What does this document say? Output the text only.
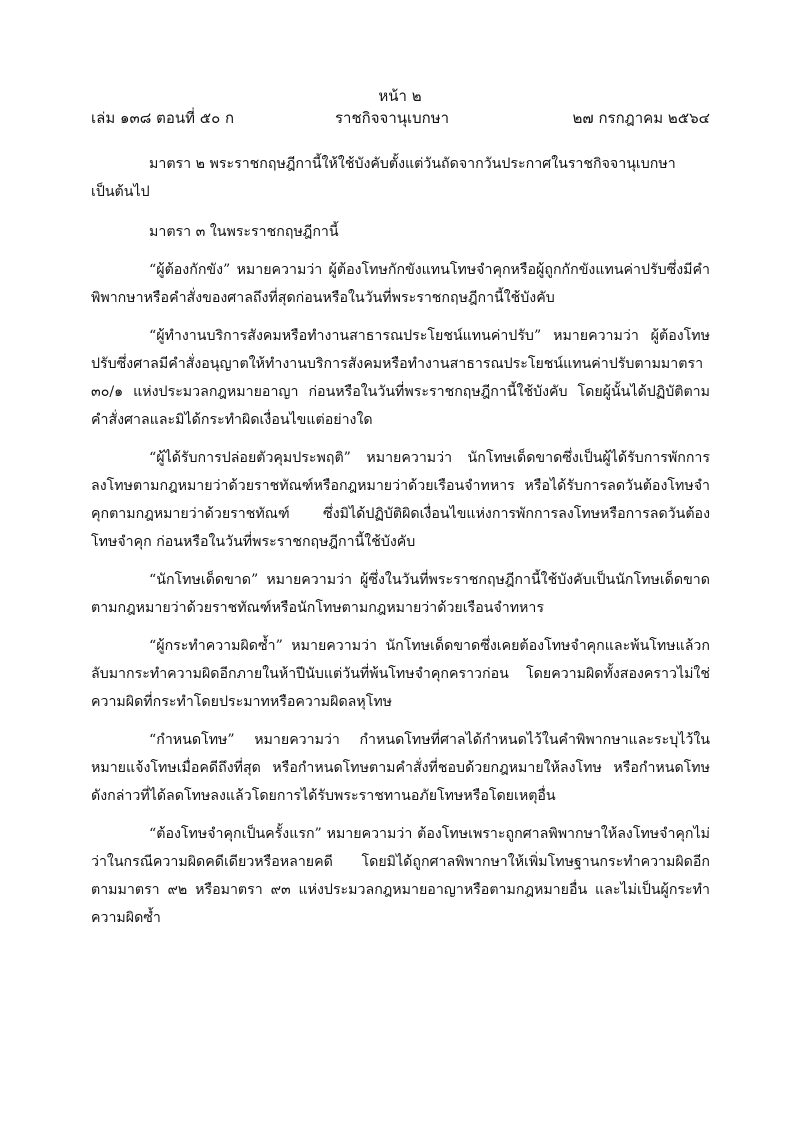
หน้า ๒
เล่ม ๑๓๘ ตอนที่ ๕๐ ก	ราชกิจจานุเบกษา	๒๗ กรกฎาคม ๒๕๖๔

มาตรา ๒ พระราชกฤษฎีกานี้ให้ใช้บังคับตั้งแต่วันถัดจากวันประกาศในราชกิจจานุเบกษา

เป็นต้นไป

มาตรา ๓ ในพระราชกฤษฎีกานี้

“ผู้ต้องกักขัง” หมายความว่า ผู้ต้องโทษกักขังแทนโทษจำคุกหรือผู้ถูกกักขังแทนค่าปรับซึ่งมีคำพิพากษาหรือคำสั่งของศาลถึงที่สุดก่อนหรือในวันที่พระราชกฤษฎีกานี้ใช้บังคับ

“ผู้ทำงานบริการสังคมหรือทำงานสาธารณประโยชน์แทนค่าปรับ” หมายความว่า ผู้ต้องโทษปรับซึ่งศาลมีคำสั่งอนุญาตให้ทำงานบริการสังคมหรือทำงานสาธารณประโยชน์แทนค่าปรับตามมาตรา ๓๐/๑ แห่งประมวลกฎหมายอาญา ก่อนหรือในวันที่พระราชกฤษฎีกานี้ใช้บังคับ โดยผู้นั้นได้ปฏิบัติตามคำสั่งศาลและมิได้กระทำผิดเงื่อนไขแต่อย่างใด

“ผู้ได้รับการปล่อยตัวคุมประพฤติ” หมายความว่า นักโทษเด็ดขาดซึ่งเป็นผู้ได้รับการพักการลงโทษตามกฎหมายว่าด้วยราชทัณฑ์หรือกฎหมายว่าด้วยเรือนจำทหาร หรือได้รับการลดวันต้องโทษจำคุกตามกฎหมายว่าด้วยราชทัณฑ์ ซึ่งมิได้ปฏิบัติผิดเงื่อนไขแห่งการพักการลงโทษหรือการลดวันต้องโทษจำคุก ก่อนหรือในวันที่พระราชกฤษฎีกานี้ใช้บังคับ

“นักโทษเด็ดขาด” หมายความว่า ผู้ซึ่งในวันที่พระราชกฤษฎีกานี้ใช้บังคับเป็นนักโทษเด็ดขาดตามกฎหมายว่าด้วยราชทัณฑ์หรือนักโทษตามกฎหมายว่าด้วยเรือนจำทหาร

“ผู้กระทำความผิดซ้ำ” หมายความว่า นักโทษเด็ดขาดซึ่งเคยต้องโทษจำคุกและพ้นโทษแล้วกลับมากระทำความผิดอีกภายในห้าปีนับแต่วันที่พ้นโทษจำคุกคราวก่อน โดยความผิดทั้งสองคราวไม่ใช่ความผิดที่กระทำโดยประมาทหรือความผิดลหุโทษ

“กำหนดโทษ” หมายความว่า กำหนดโทษที่ศาลได้กำหนดไว้ในคำพิพากษาและระบุไว้ในหมายแจ้งโทษเมื่อคดีถึงที่สุด หรือกำหนดโทษตามคำสั่งที่ชอบด้วยกฎหมายให้ลงโทษ หรือกำหนดโทษดังกล่าวที่ได้ลดโทษลงแล้วโดยการได้รับพระราชทานอภัยโทษหรือโดยเหตุอื่น

“ต้องโทษจำคุกเป็นครั้งแรก” หมายความว่า ต้องโทษเพราะถูกศาลพิพากษาให้ลงโทษจำคุกไม่ว่าในกรณีความผิดคดีเดียวหรือหลายคดี โดยมิได้ถูกศาลพิพากษาให้เพิ่มโทษฐานกระทำความผิดอีกตามมาตรา ๙๒ หรือมาตรา ๙๓ แห่งประมวลกฎหมายอาญาหรือตามกฎหมายอื่น และไม่เป็นผู้กระทำความผิดซ้ำ
